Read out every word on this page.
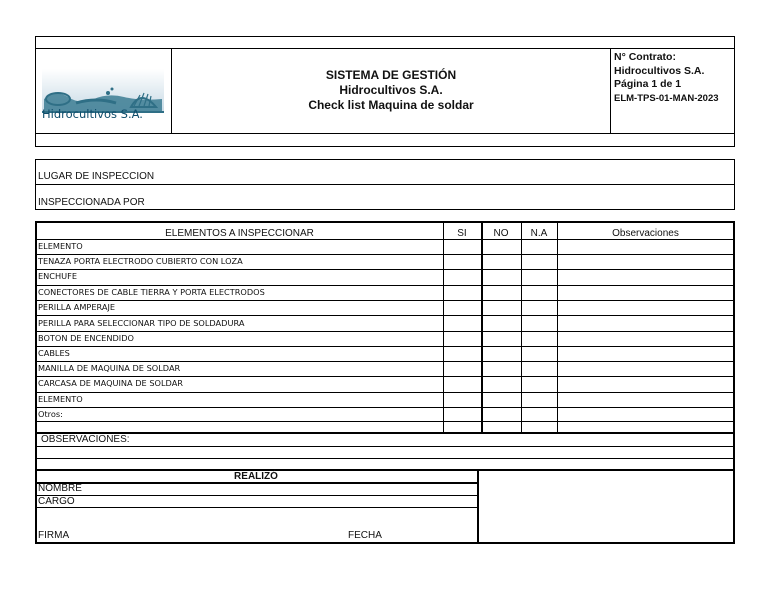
Hidrocultivos S.A.
SISTEMA DE GESTIÓN
Hidrocultivos S.A.
Check list Maquina de soldar
N° Contrato:
Hidrocultivos S.A.
Página 1 de 1
ELM-TPS-01-MAN-2023
LUGAR DE INSPECCION
INSPECCIONADA POR
ELEMENTOS A INSPECCIONAR	SI	NO	N.A	Observaciones
ELEMENTO
TENAZA PORTA ELECTRODO CUBIERTO CON LOZA
ENCHUFE
CONECTORES DE CABLE TIERRA Y PORTA ELECTRODOS
PERILLA AMPERAJE
PERILLA PARA SELECCIONAR TIPO DE SOLDADURA
BOTON DE ENCENDIDO
CABLES
MANILLA DE MAQUINA DE SOLDAR
CARCASA DE MAQUINA DE SOLDAR
ELEMENTO
Otros:
OBSERVACIONES:
REALIZÓ
NOMBRE
CARGO
FIRMA	FECHA
